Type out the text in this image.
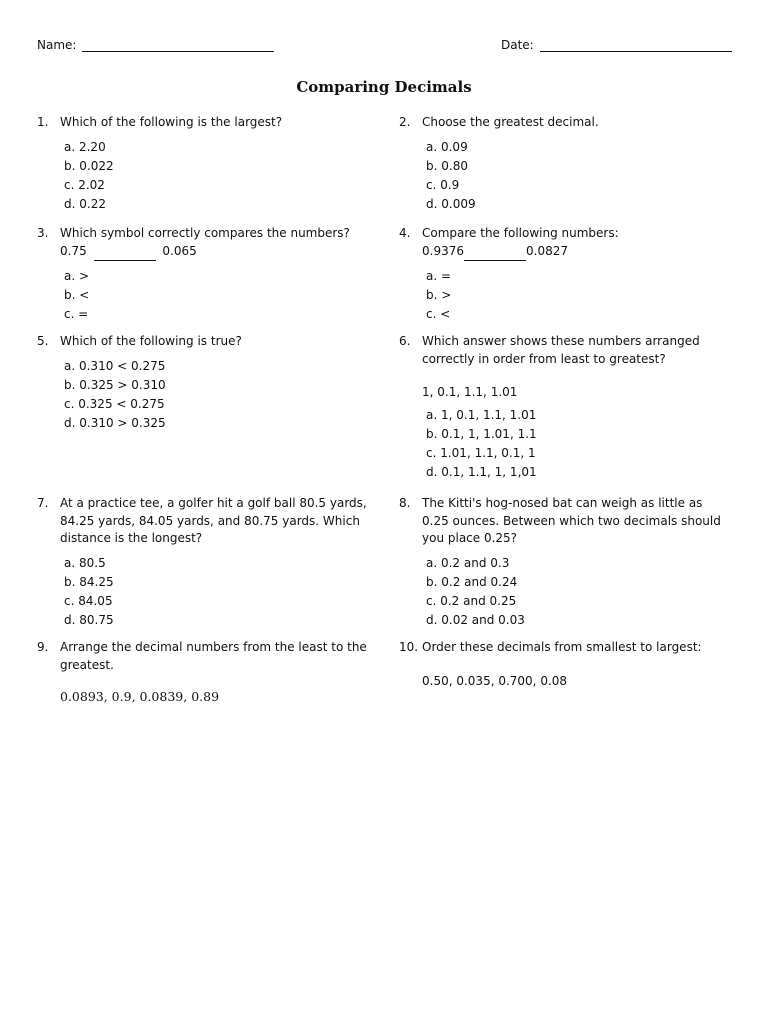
Name:	Date:
Comparing Decimals
1. Which of the following is the largest?
a. 2.20
b. 0.022
c. 2.02
d. 0.22
2. Choose the greatest decimal.
a. 0.09
b. 0.80
c. 0.9
d. 0.009
3. Which symbol correctly compares the numbers?
0.75	0.065
a. >
b. <
c. =
4. Compare the following numbers:
0.9376	0.0827
a. =
b. >
c. <
5. Which of the following is true?
a. 0.310 < 0.275
b. 0.325 > 0.310
c. 0.325 < 0.275
d. 0.310 > 0.325
6. Which answer shows these numbers arranged correctly in order from least to greatest?
1, 0.1, 1.1, 1.01
a. 1, 0.1, 1.1, 1.01
b. 0.1, 1, 1.01, 1.1
c. 1.01, 1.1, 0.1, 1
d. 0.1, 1.1, 1, 1,01
7. At a practice tee, a golfer hit a golf ball 80.5 yards, 84.25 yards, 84.05 yards, and 80.75 yards. Which distance is the longest?
a. 80.5
b. 84.25
c. 84.05
d. 80.75
8. The Kitti's hog-nosed bat can weigh as little as 0.25 ounces. Between which two decimals should you place 0.25?
a. 0.2 and 0.3
b. 0.2 and 0.24
c. 0.2 and 0.25
d. 0.02 and 0.03
9. Arrange the decimal numbers from the least to the greatest.
0.0893, 0.9, 0.0839, 0.89
10. Order these decimals from smallest to largest:
0.50, 0.035, 0.700, 0.08
